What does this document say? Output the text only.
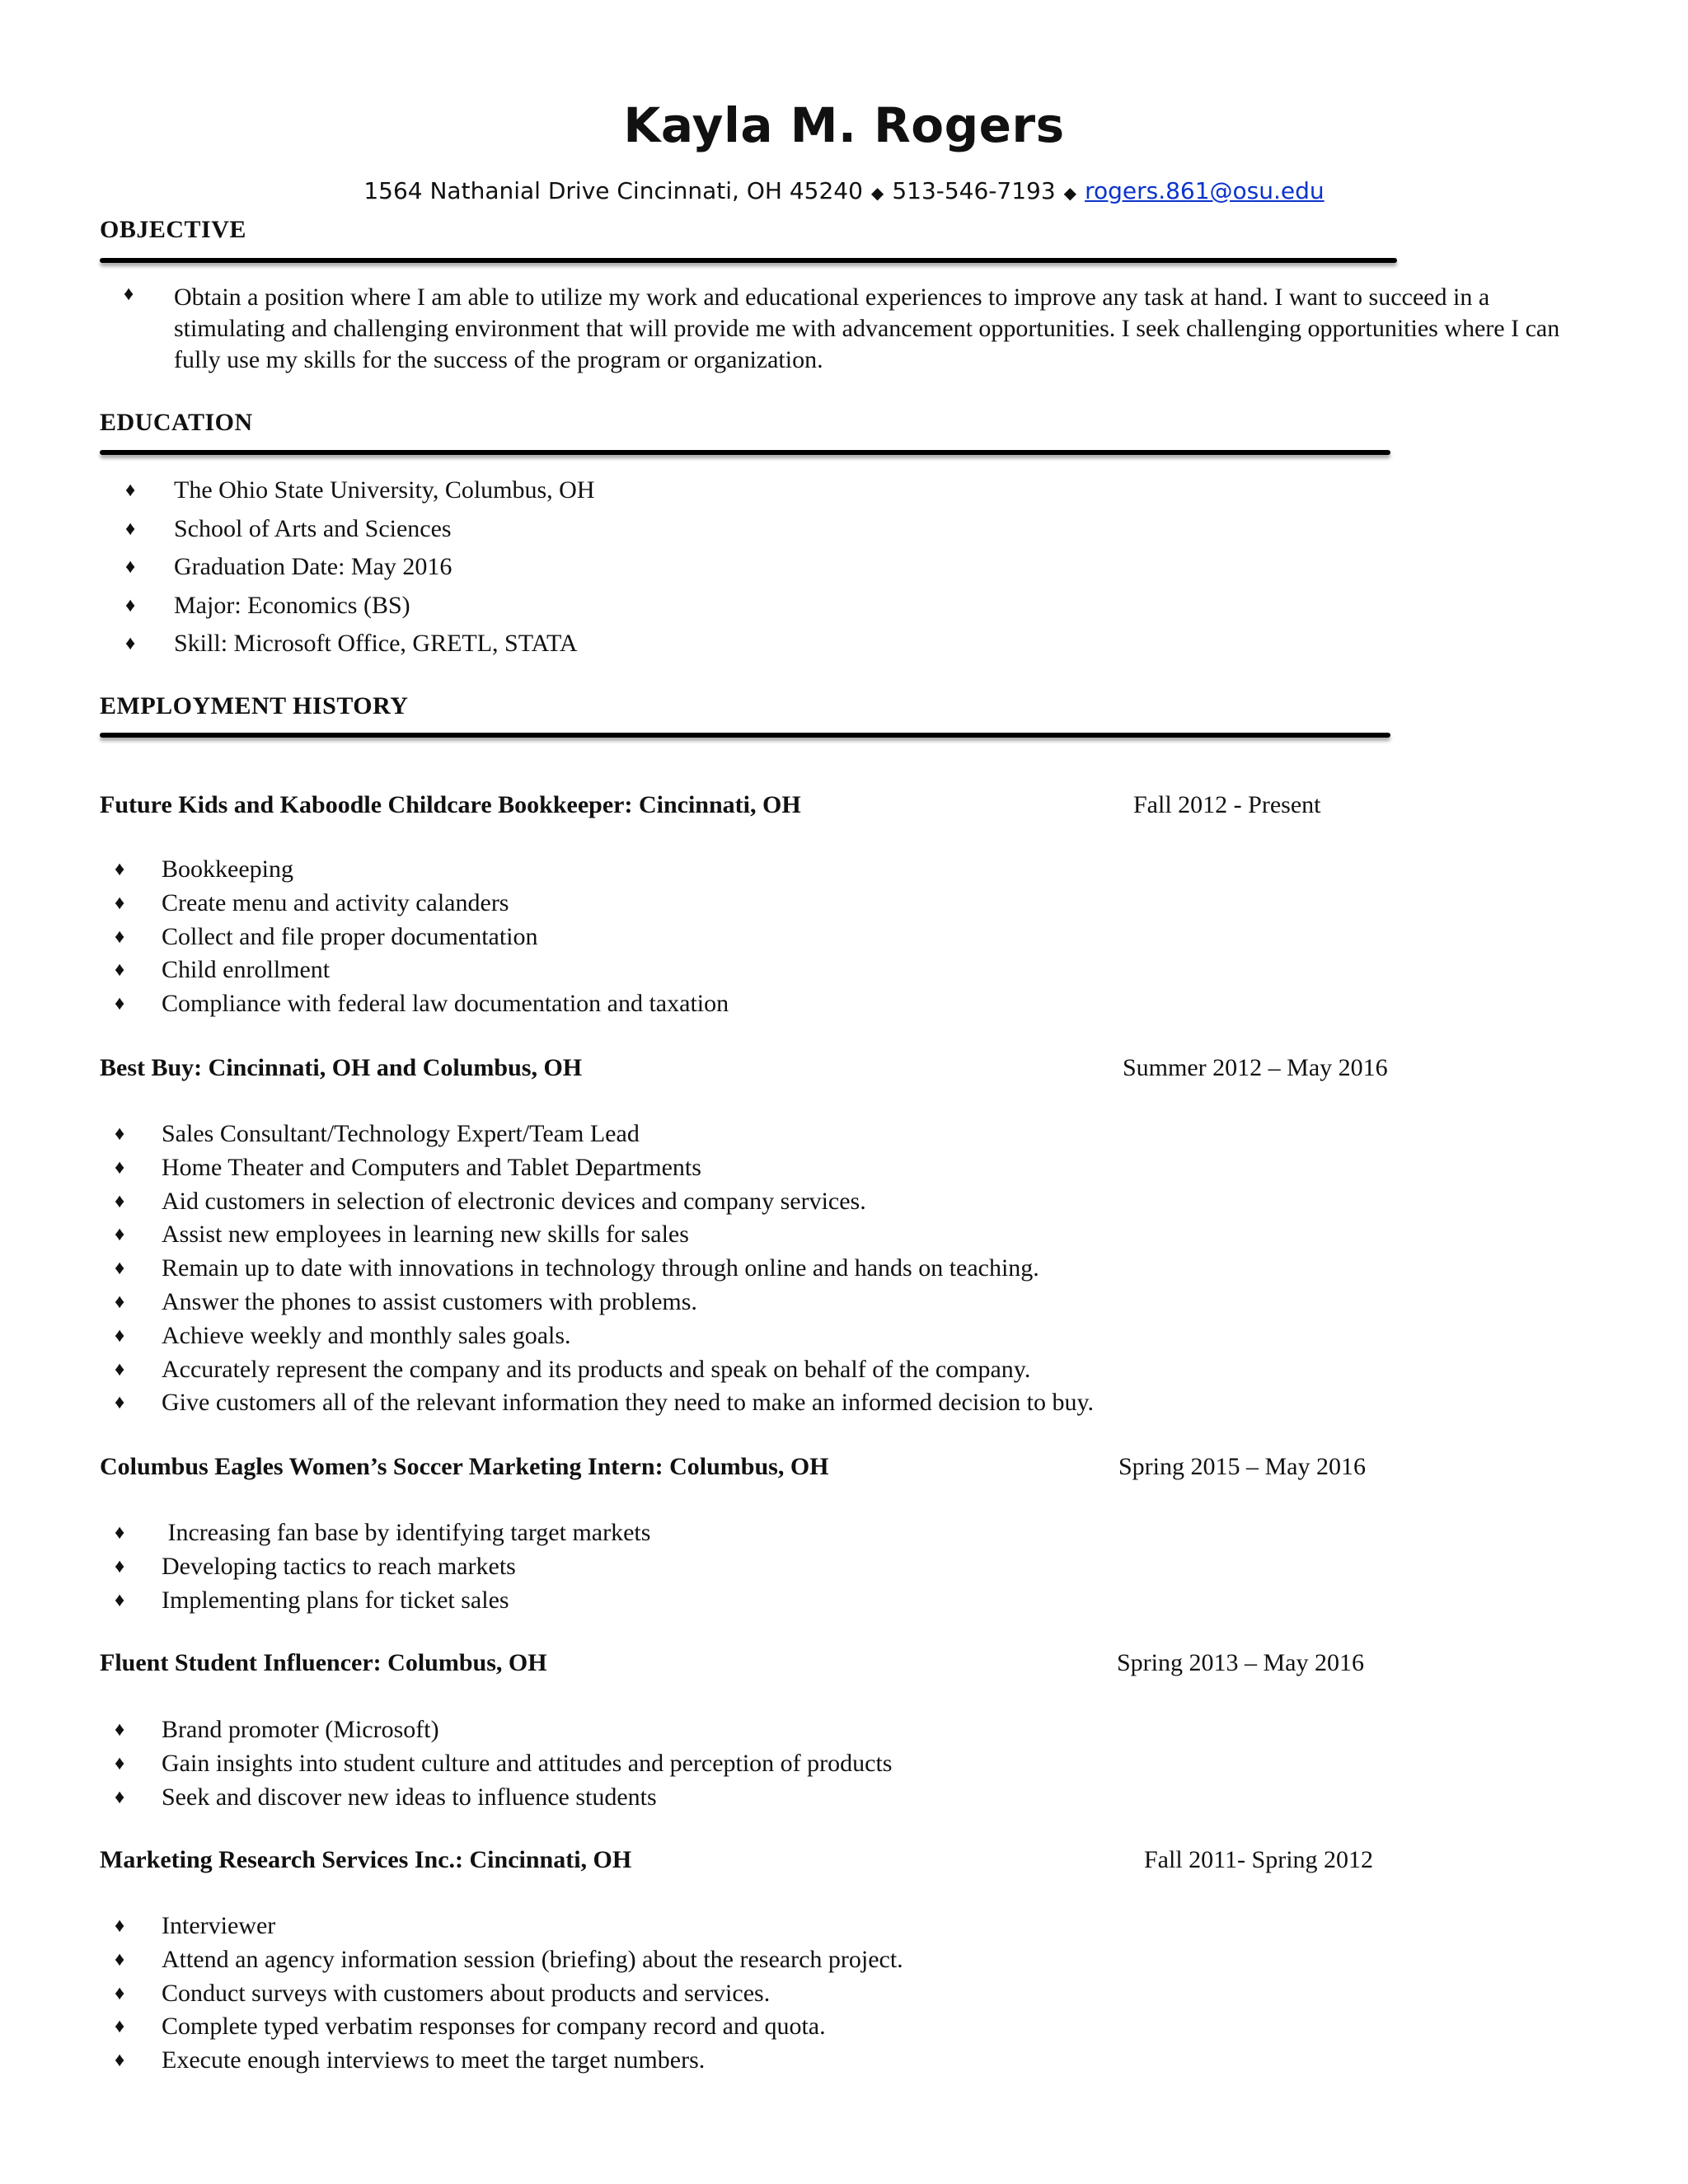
Kayla M. Rogers
1564 Nathanial Drive Cincinnati, OH 45240 ◆ 513-546-7193 ◆ rogers.861@osu.edu
OBJECTIVE
♦ Obtain a position where I am able to utilize my work and educational experiences to improve any task at hand. I want to succeed in a stimulating and challenging environment that will provide me with advancement opportunities. I seek challenging opportunities where I can fully use my skills for the success of the program or organization.
EDUCATION
♦ The Ohio State University, Columbus, OH
♦ School of Arts and Sciences
♦ Graduation Date: May 2016
♦ Major: Economics (BS)
♦ Skill: Microsoft Office, GRETL, STATA
EMPLOYMENT HISTORY
Future Kids and Kaboodle Childcare Bookkeeper: Cincinnati, OH	Fall 2012 - Present
♦ Bookkeeping
♦ Create menu and activity calanders
♦ Collect and file proper documentation
♦ Child enrollment
♦ Compliance with federal law documentation and taxation
Best Buy: Cincinnati, OH and Columbus, OH	Summer 2012 – May 2016
♦ Sales Consultant/Technology Expert/Team Lead
♦ Home Theater and Computers and Tablet Departments
♦ Aid customers in selection of electronic devices and company services.
♦ Assist new employees in learning new skills for sales
♦ Remain up to date with innovations in technology through online and hands on teaching.
♦ Answer the phones to assist customers with problems.
♦ Achieve weekly and monthly sales goals.
♦ Accurately represent the company and its products and speak on behalf of the company.
♦ Give customers all of the relevant information they need to make an informed decision to buy.
Columbus Eagles Women’s Soccer Marketing Intern: Columbus, OH	Spring 2015 – May 2016
♦ Increasing fan base by identifying target markets
♦ Developing tactics to reach markets
♦ Implementing plans for ticket sales
Fluent Student Influencer: Columbus, OH	Spring 2013 – May 2016
♦ Brand promoter (Microsoft)
♦ Gain insights into student culture and attitudes and perception of products
♦ Seek and discover new ideas to influence students
Marketing Research Services Inc.: Cincinnati, OH	Fall 2011- Spring 2012
♦ Interviewer
♦ Attend an agency information session (briefing) about the research project.
♦ Conduct surveys with customers about products and services.
♦ Complete typed verbatim responses for company record and quota.
♦ Execute enough interviews to meet the target numbers.
